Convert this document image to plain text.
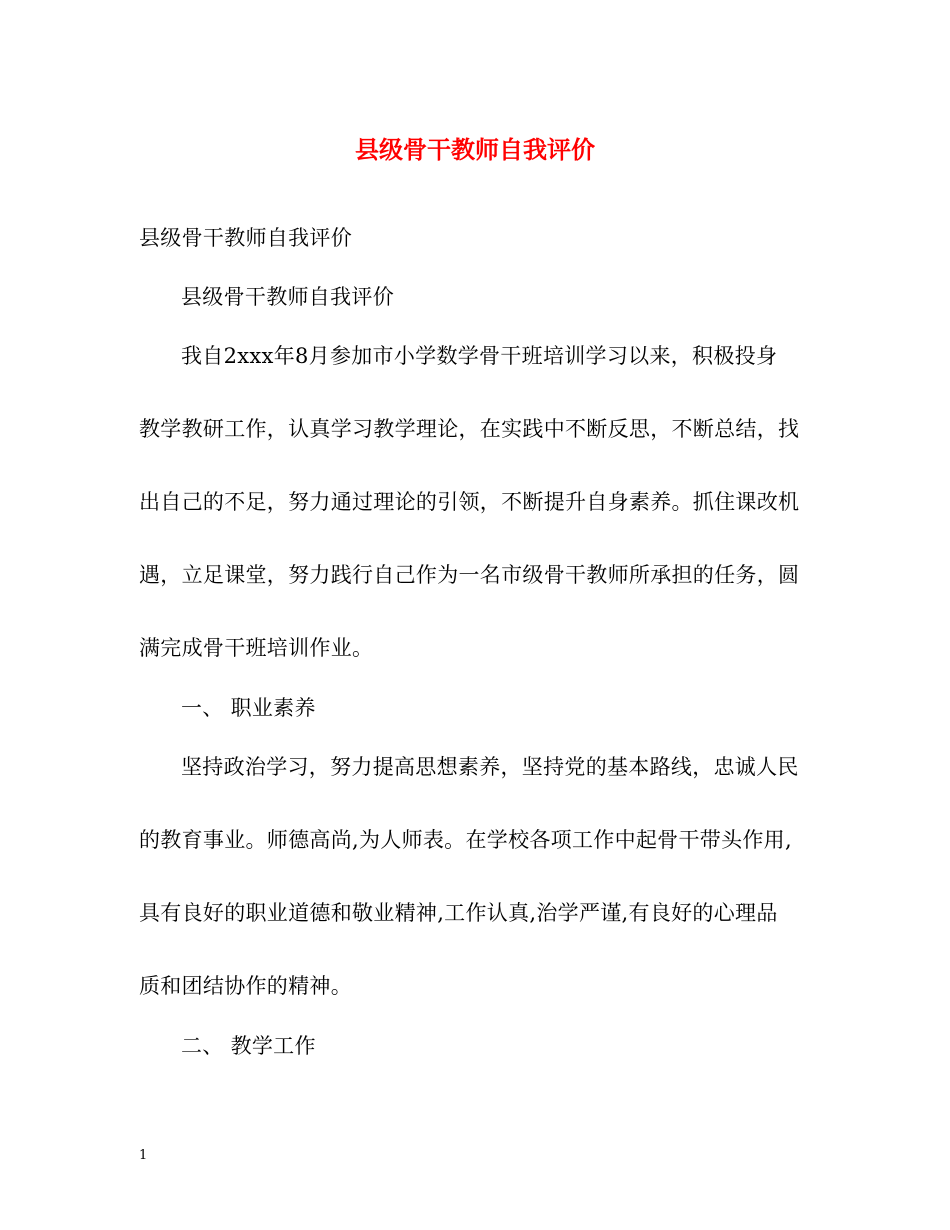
县级骨干教师自我评价
县级骨干教师自我评价
县级骨干教师自我评价
我自2xxx年8月参加市小学数学骨干班培训学习以来，积极投身
教学教研工作，认真学习教学理论，在实践中不断反思，不断总结，找
出自己的不足，努力通过理论的引领，不断提升自身素养。抓住课改机
遇，立足课堂，努力践行自己作为一名市级骨干教师所承担的任务，圆
满完成骨干班培训作业。
一、 职业素养
坚持政治学习，努力提高思想素养，坚持党的基本路线，忠诚人民
的教育事业。师德高尚,为人师表。在学校各项工作中起骨干带头作用,
具有良好的职业道德和敬业精神,工作认真,治学严谨,有良好的心理品
质和团结协作的精神。
二、 教学工作
1
